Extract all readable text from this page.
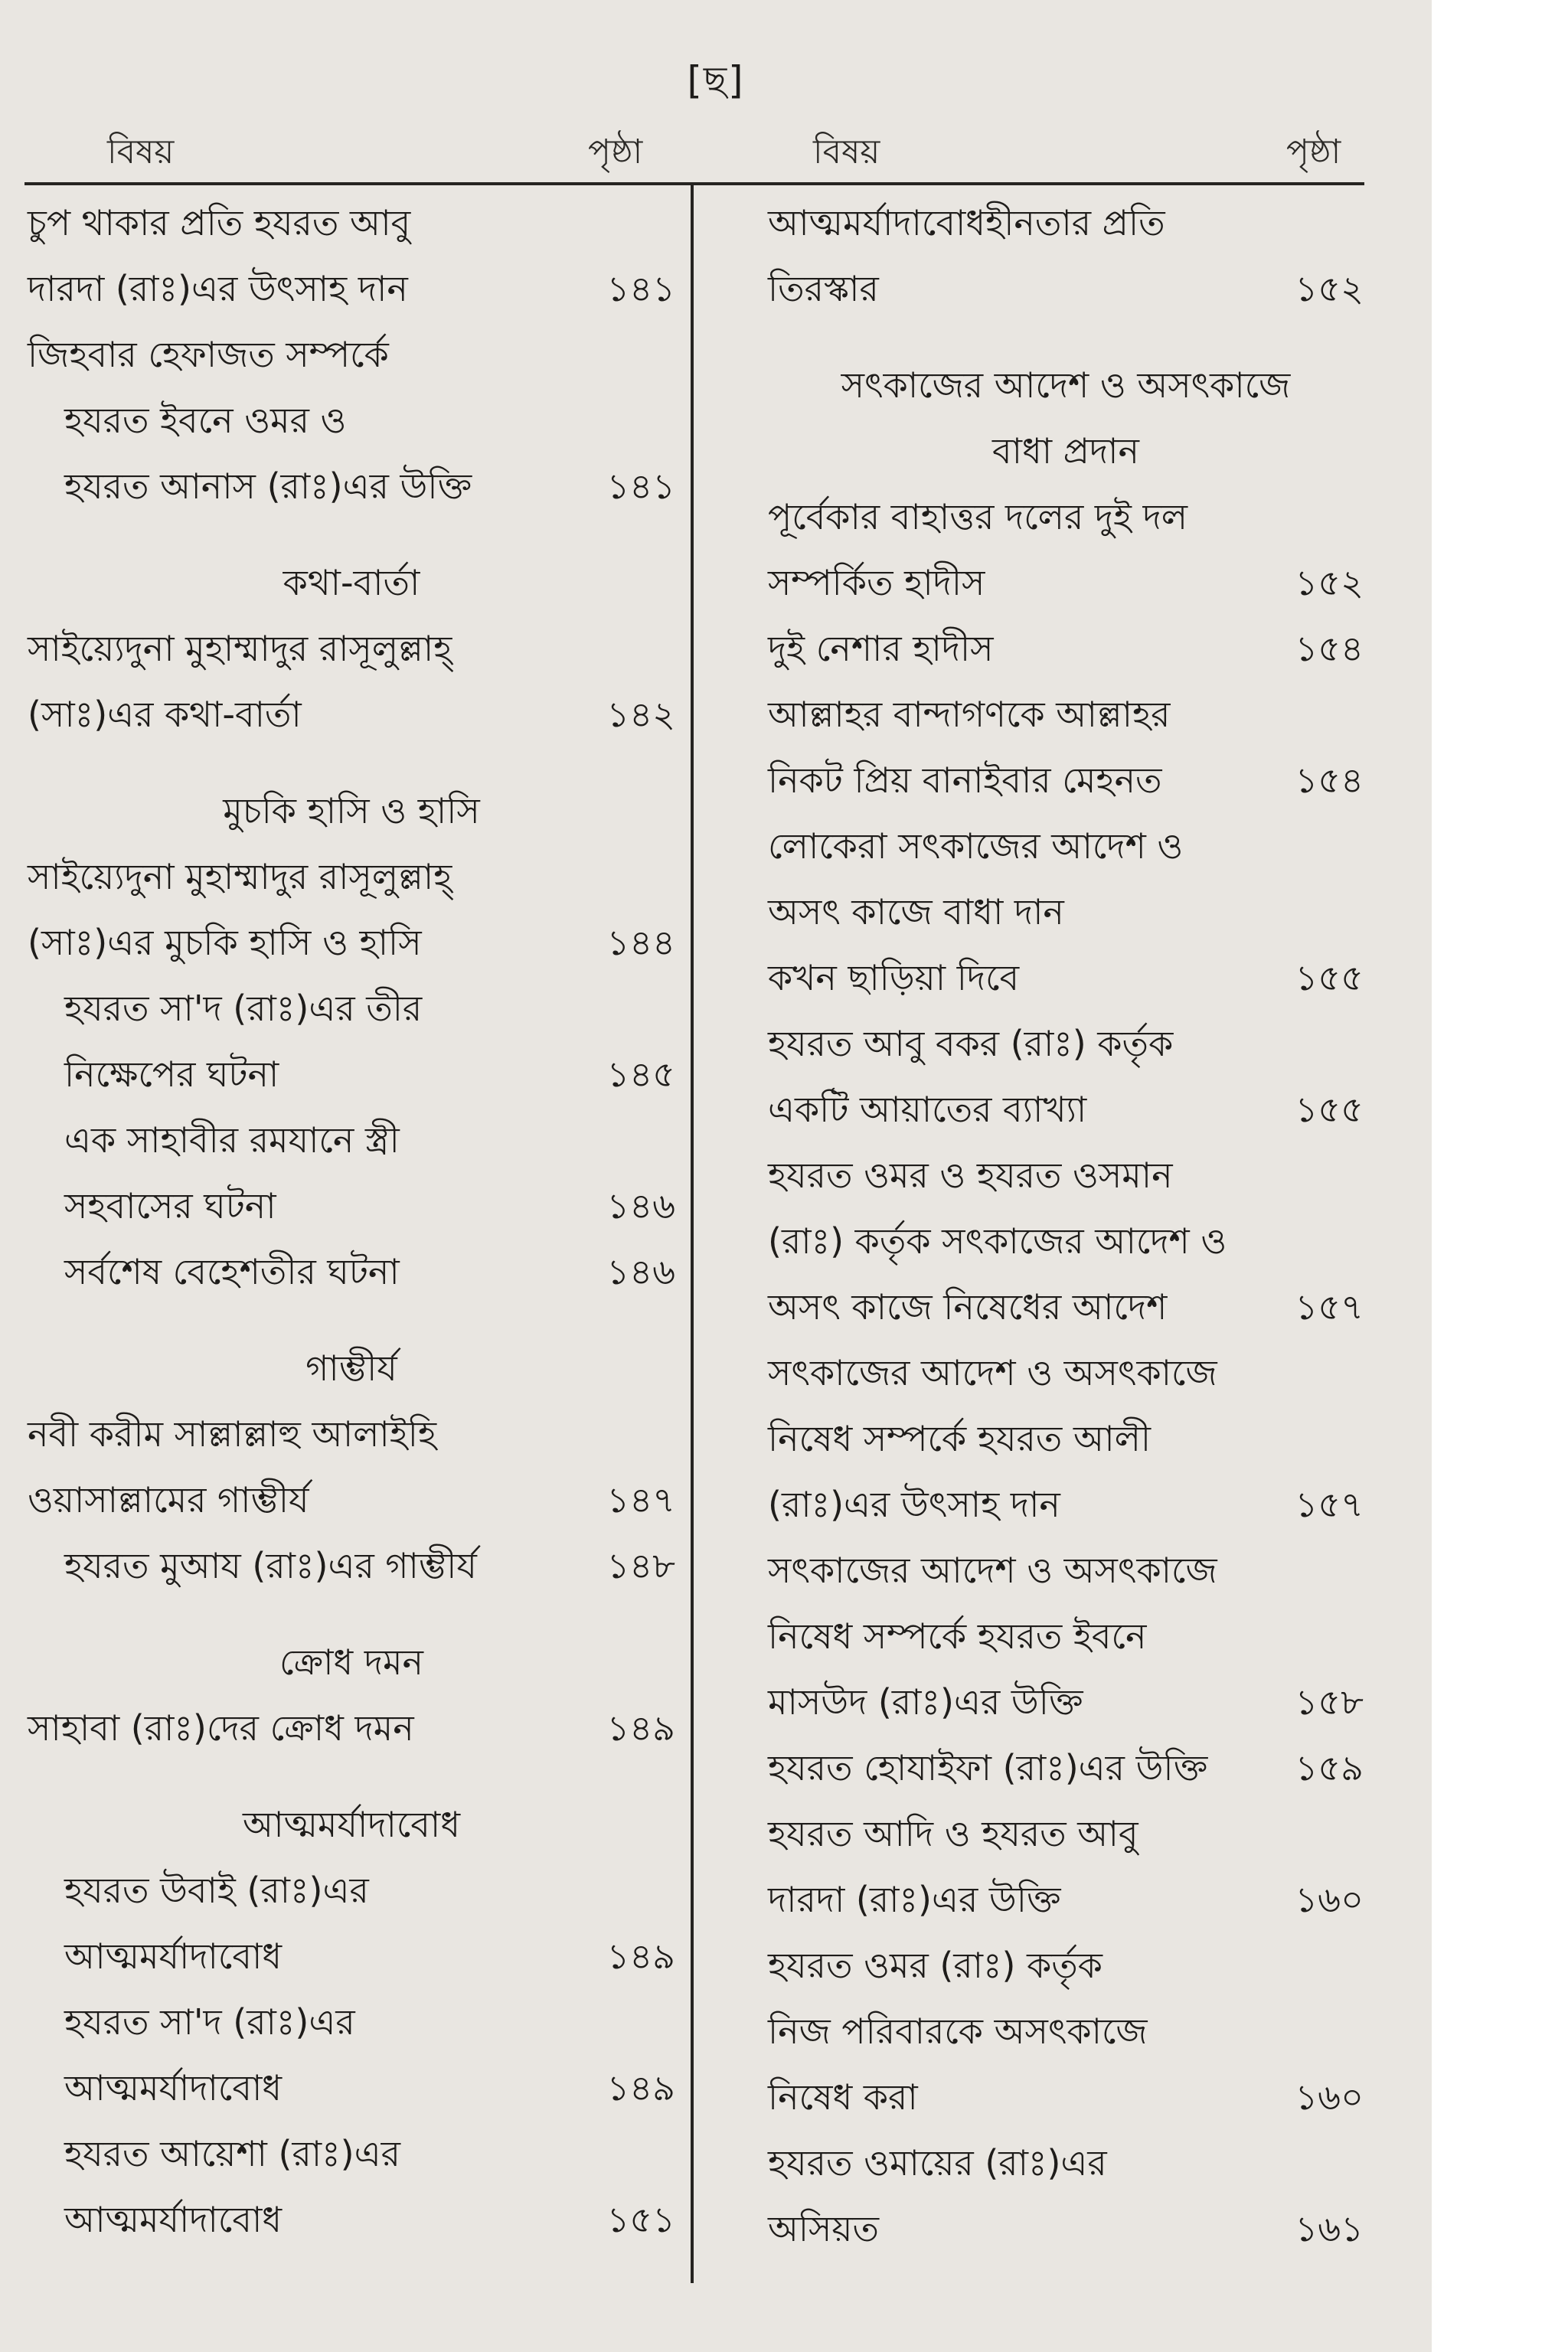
[ছ]
বিষয়	পৃষ্ঠা	বিষয়	পৃষ্ঠা
চুপ থাকার প্রতি হযরত আবু
দারদা (রাঃ)এর উৎসাহ দান	১৪১
জিহবার হেফাজত সম্পর্কে
হযরত ইবনে ওমর ও
হযরত আনাস (রাঃ)এর উক্তি	১৪১
কথা-বার্তা
সাইয়্যেদুনা মুহাম্মাদুর রাসূলুল্লাহ্
(সাঃ)এর কথা-বার্তা	১৪২
মুচকি হাসি ও হাসি
সাইয়্যেদুনা মুহাম্মাদুর রাসূলুল্লাহ্
(সাঃ)এর মুচকি হাসি ও হাসি	১৪৪
হযরত সা'দ (রাঃ)এর তীর
নিক্ষেপের ঘটনা	১৪৫
এক সাহাবীর রমযানে স্ত্রী
সহবাসের ঘটনা	১৪৬
সর্বশেষ বেহেশতীর ঘটনা	১৪৬
গাম্ভীর্য
নবী করীম সাল্লাল্লাহু আলাইহি
ওয়াসাল্লামের গাম্ভীর্য	১৪৭
হযরত মুআয (রাঃ)এর গাম্ভীর্য	১৪৮
ক্রোধ দমন
সাহাবা (রাঃ)দের ক্রোধ দমন	১৪৯
আত্মমর্যাদাবোধ
হযরত উবাই (রাঃ)এর
আত্মমর্যাদাবোধ	১৪৯
হযরত সা'দ (রাঃ)এর
আত্মমর্যাদাবোধ	১৪৯
হযরত আয়েশা (রাঃ)এর
আত্মমর্যাদাবোধ	১৫১
আত্মমর্যাদাবোধহীনতার প্রতি
তিরস্কার	১৫২
সৎকাজের আদেশ ও অসৎকাজে
বাধা প্রদান
পূর্বেকার বাহাত্তর দলের দুই দল
সম্পর্কিত হাদীস	১৫২
দুই নেশার হাদীস	১৫৪
আল্লাহর বান্দাগণকে আল্লাহর
নিকট প্রিয় বানাইবার মেহনত	১৫৪
লোকেরা সৎকাজের আদেশ ও
অসৎ কাজে বাধা দান
কখন ছাড়িয়া দিবে	১৫৫
হযরত আবু বকর (রাঃ) কর্তৃক
একটি আয়াতের ব্যাখ্যা	১৫৫
হযরত ওমর ও হযরত ওসমান
(রাঃ) কর্তৃক সৎকাজের আদেশ ও
অসৎ কাজে নিষেধের আদেশ	১৫৭
সৎকাজের আদেশ ও অসৎকাজে
নিষেধ সম্পর্কে হযরত আলী
(রাঃ)এর উৎসাহ দান	১৫৭
সৎকাজের আদেশ ও অসৎকাজে
নিষেধ সম্পর্কে হযরত ইবনে
মাসউদ (রাঃ)এর উক্তি	১৫৮
হযরত হোযাইফা (রাঃ)এর উক্তি ১৫৯
হযরত আদি ও হযরত আবু
দারদা (রাঃ)এর উক্তি	১৬০
হযরত ওমর (রাঃ) কর্তৃক
নিজ পরিবারকে অসৎকাজে
নিষেধ করা	১৬০
হযরত ওমায়ের (রাঃ)এর
অসিয়ত	১৬১
